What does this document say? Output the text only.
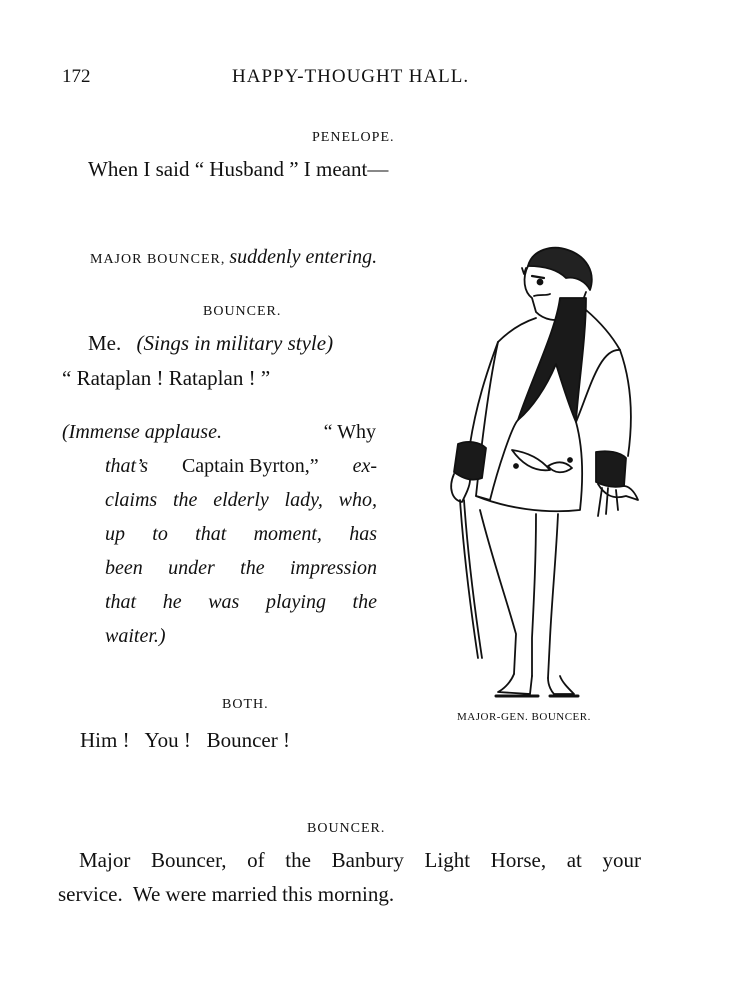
172	HAPPY-THOUGHT HALL.
PENELOPE.
When I said “ Husband ” I meant—
MAJOR BOUNCER, suddenly entering.
BOUNCER.
Me. (Sings in military style)
“ Rataplan ! Rataplan ! ”
(Immense applause.	“ Why
that’s Captain Byrton,” ex-
claims the elderly lady, who,
up to that moment, has
been under the impression
that he was playing the
waiter.)
BOTH.
Him !   You !   Bouncer !
MAJOR-GEN. BOUNCER.
BOUNCER.
Major Bouncer, of the Banbury Light Horse, at your
service.  We were married this morning.
